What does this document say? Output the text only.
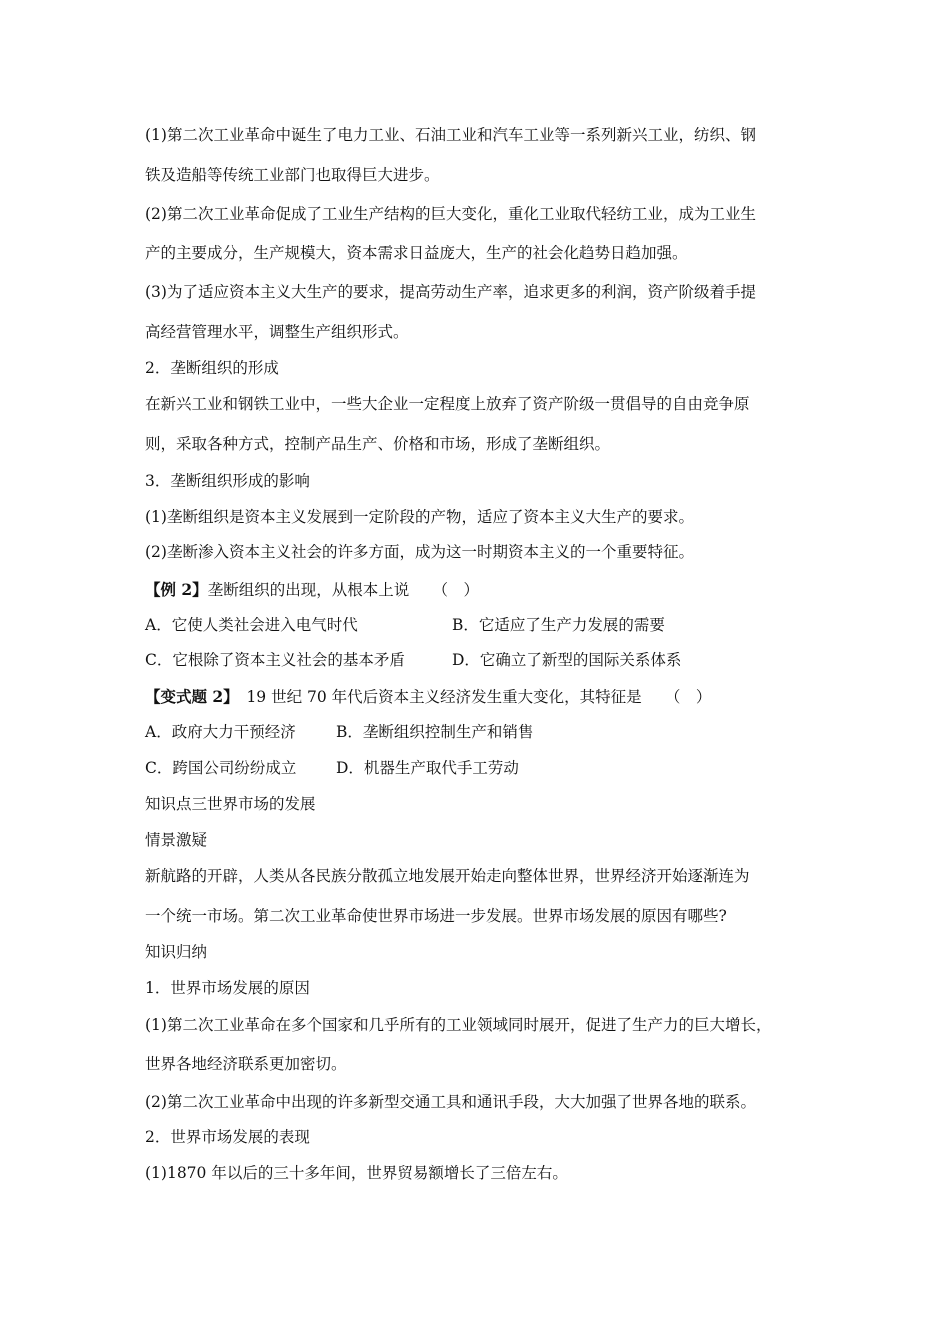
(1)第二次工业革命中诞生了电力工业、石油工业和汽车工业等一系列新兴工业，纺织、钢
铁及造船等传统工业部门也取得巨大进步。
(2)第二次工业革命促成了工业生产结构的巨大变化，重化工业取代轻纺工业，成为工业生
产的主要成分，生产规模大，资本需求日益庞大，生产的社会化趋势日趋加强。
(3)为了适应资本主义大生产的要求，提高劳动生产率，追求更多的利润，资产阶级着手提
高经营管理水平，调整生产组织形式。
2．垄断组织的形成
在新兴工业和钢铁工业中，一些大企业一定程度上放弃了资产阶级一贯倡导的自由竞争原
则，采取各种方式，控制产品生产、价格和市场，形成了垄断组织。
3．垄断组织形成的影响
(1)垄断组织是资本主义发展到一定阶段的产物，适应了资本主义大生产的要求。
(2)垄断渗入资本主义社会的许多方面，成为这一时期资本主义的一个重要特征。
【例 2】垄断组织的出现，从根本上说　　（　）
A．它使人类社会进入电气时代	B．它适应了生产力发展的需要
C．它根除了资本主义社会的基本矛盾	D．它确立了新型的国际关系体系
【变式题 2】　19 世纪 70 年代后资本主义经济发生重大变化，其特征是　　（　）
A．政府大力干预经济	B．垄断组织控制生产和销售
C．跨国公司纷纷成立	D．机器生产取代手工劳动
知识点三世界市场的发展
情景激疑
新航路的开辟，人类从各民族分散孤立地发展开始走向整体世界，世界经济开始逐渐连为
一个统一市场。第二次工业革命使世界市场进一步发展。世界市场发展的原因有哪些?
知识归纳
1．世界市场发展的原因
(1)第二次工业革命在多个国家和几乎所有的工业领域同时展开，促进了生产力的巨大增长，
世界各地经济联系更加密切。
(2)第二次工业革命中出现的许多新型交通工具和通讯手段，大大加强了世界各地的联系。
2．世界市场发展的表现
(1)1870 年以后的三十多年间，世界贸易额增长了三倍左右。
